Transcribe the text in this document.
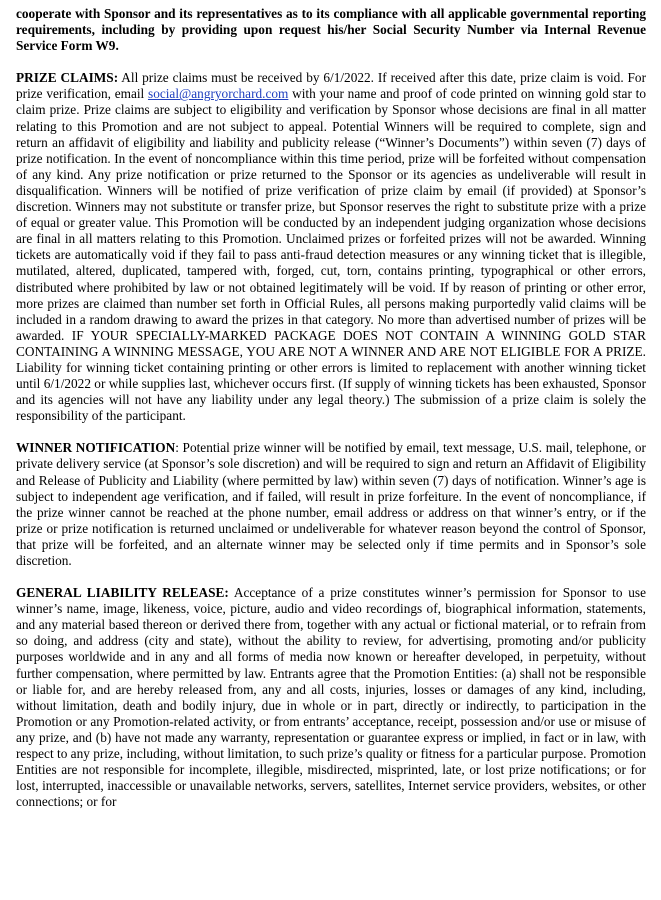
cooperate with Sponsor and its representatives as to its compliance with all applicable governmental reporting requirements, including by providing upon request his/her Social Security Number via Internal Revenue Service Form W9.

PRIZE CLAIMS: All prize claims must be received by 6/1/2022. If received after this date, prize claim is void. For prize verification, email social@angryorchard.com with your name and proof of code printed on winning gold star to claim prize. Prize claims are subject to eligibility and verification by Sponsor whose decisions are final in all matter relating to this Promotion and are not subject to appeal. Potential Winners will be required to complete, sign and return an affidavit of eligibility and liability and publicity release (“Winner’s Documents”) within seven (7) days of prize notification. In the event of noncompliance within this time period, prize will be forfeited without compensation of any kind. Any prize notification or prize returned to the Sponsor or its agencies as undeliverable will result in disqualification. Winners will be notified of prize verification of prize claim by email (if provided) at Sponsor’s discretion. Winners may not substitute or transfer prize, but Sponsor reserves the right to substitute prize with a prize of equal or greater value. This Promotion will be conducted by an independent judging organization whose decisions are final in all matters relating to this Promotion. Unclaimed prizes or forfeited prizes will not be awarded. Winning tickets are automatically void if they fail to pass anti-fraud detection measures or any winning ticket that is illegible, mutilated, altered, duplicated, tampered with, forged, cut, torn, contains printing, typographical or other errors, distributed where prohibited by law or not obtained legitimately will be void. If by reason of printing or other error, more prizes are claimed than number set forth in Official Rules, all persons making purportedly valid claims will be included in a random drawing to award the prizes in that category. No more than advertised number of prizes will be awarded. IF YOUR SPECIALLY-MARKED PACKAGE DOES NOT CONTAIN A WINNING GOLD STAR CONTAINING A WINNING MESSAGE, YOU ARE NOT A WINNER AND ARE NOT ELIGIBLE FOR A PRIZE. Liability for winning ticket containing printing or other errors is limited to replacement with another winning ticket until 6/1/2022 or while supplies last, whichever occurs first. (If supply of winning tickets has been exhausted, Sponsor and its agencies will not have any liability under any legal theory.) The submission of a prize claim is solely the responsibility of the participant.

WINNER NOTIFICATION: Potential prize winner will be notified by email, text message, U.S. mail, telephone, or private delivery service (at Sponsor’s sole discretion) and will be required to sign and return an Affidavit of Eligibility and Release of Publicity and Liability (where permitted by law) within seven (7) days of notification. Winner’s age is subject to independent age verification, and if failed, will result in prize forfeiture. In the event of noncompliance, if the prize winner cannot be reached at the phone number, email address or address on that winner’s entry, or if the prize or prize notification is returned unclaimed or undeliverable for whatever reason beyond the control of Sponsor, that prize will be forfeited, and an alternate winner may be selected only if time permits and in Sponsor’s sole discretion.

GENERAL LIABILITY RELEASE: Acceptance of a prize constitutes winner’s permission for Sponsor to use winner’s name, image, likeness, voice, picture, audio and video recordings of, biographical information, statements, and any material based thereon or derived there from, together with any actual or fictional material, or to refrain from so doing, and address (city and state), without the ability to review, for advertising, promoting and/or publicity purposes worldwide and in any and all forms of media now known or hereafter developed, in perpetuity, without further compensation, where permitted by law. Entrants agree that the Promotion Entities: (a) shall not be responsible or liable for, and are hereby released from, any and all costs, injuries, losses or damages of any kind, including, without limitation, death and bodily injury, due in whole or in part, directly or indirectly, to participation in the Promotion or any Promotion-related activity, or from entrants’ acceptance, receipt, possession and/or use or misuse of any prize, and (b) have not made any warranty, representation or guarantee express or implied, in fact or in law, with respect to any prize, including, without limitation, to such prize’s quality or fitness for a particular purpose. Promotion Entities are not responsible for incomplete, illegible, misdirected, misprinted, late, or lost prize notifications; or for lost, interrupted, inaccessible or unavailable networks, servers, satellites, Internet service providers, websites, or other connections; or for
